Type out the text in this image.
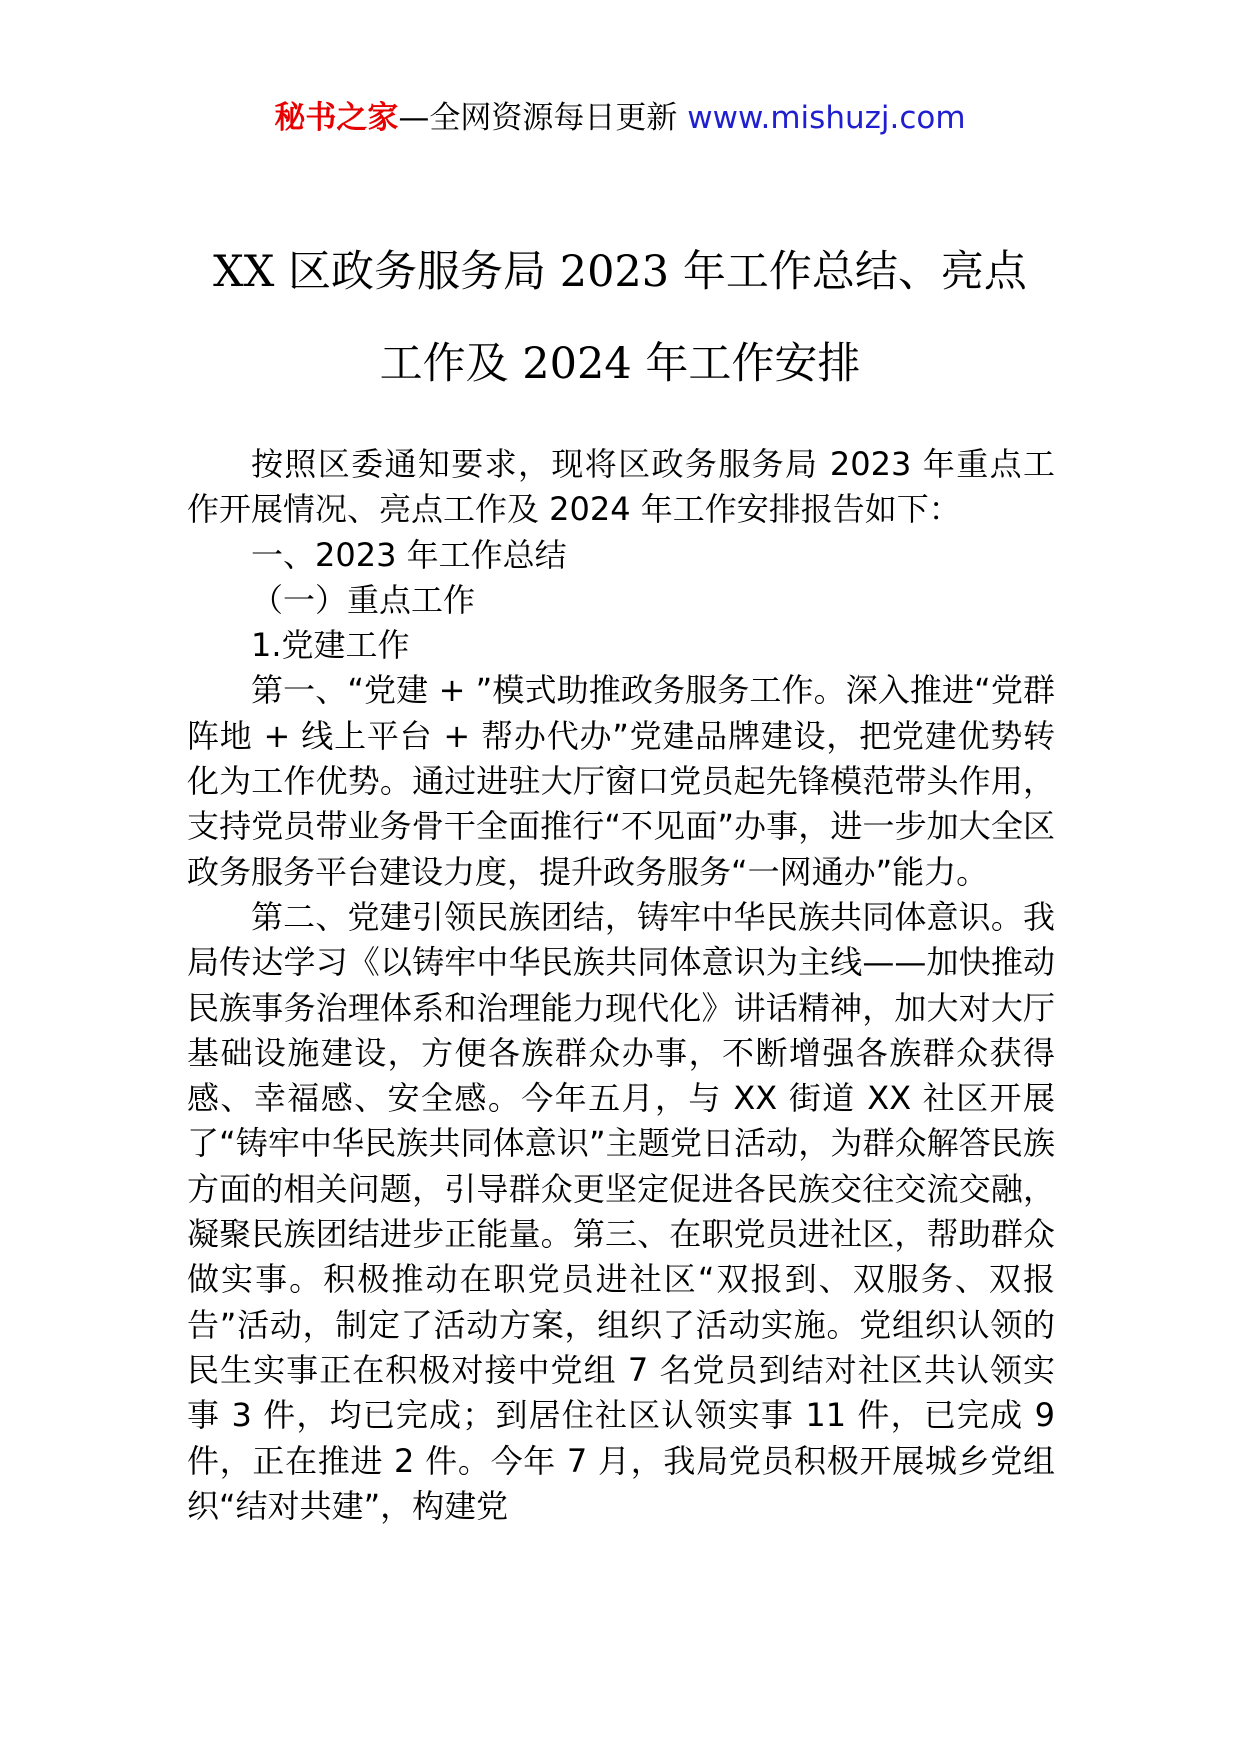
秘书之家—全网资源每日更新 www.mishuzj.com
XX 区政务服务局 2023 年工作总结、亮点
工作及 2024 年工作安排

按照区委通知要求，现将区政务服务局 2023 年重点工作开展情况、亮点工作及 2024 年工作安排报告如下：

一、2023 年工作总结

（一）重点工作

1.党建工作

第一、“党建 + ”模式助推政务服务工作。深入推进“党群阵地 + 线上平台 + 帮办代办”党建品牌建设，把党建优势转化为工作优势。通过进驻大厅窗口党员起先锋模范带头作用，支持党员带业务骨干全面推行“不见面”办事，进一步加大全区政务服务平台建设力度，提升政务服务“一网通办”能力。

第二、党建引领民族团结，铸牢中华民族共同体意识。我局传达学习《以铸牢中华民族共同体意识为主线——加快推动民族事务治理体系和治理能力现代化》讲话精神，加大对大厅基础设施建设，方便各族群众办事，不断增强各族群众获得感、幸福感、安全感。今年五月，与 XX 街道 XX 社区开展了“铸牢中华民族共同体意识”主题党日活动，为群众解答民族方面的相关问题，引导群众更坚定促进各民族交往交流交融，凝聚民族团结进步正能量。第三、在职党员进社区，帮助群众做实事。积极推动在职党员进社区“双报到、双服务、双报告”活动，制定了活动方案，组织了活动实施。党组织认领的民生实事正在积极对接中党组 7 名党员到结对社区共认领实事 3 件，均已完成；到居住社区认领实事 11 件，已完成 9 件，正在推进 2 件。今年 7 月，我局党员积极开展城乡党组织“结对共建”，构建党
